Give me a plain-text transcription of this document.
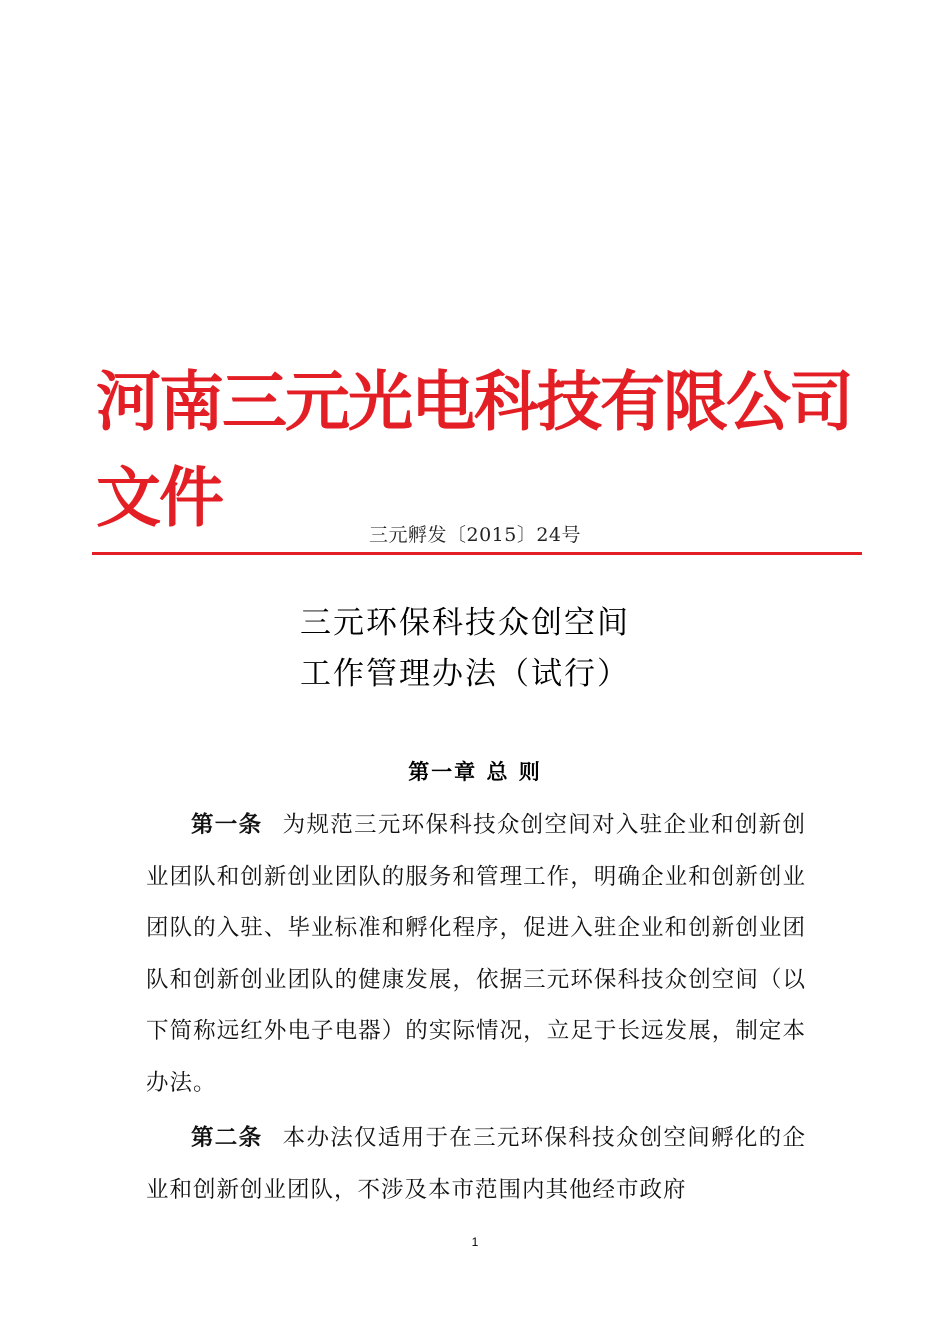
河南三元光电科技有限公司文件	三元孵发〔2015〕24号
三元环保科技众创空间
工作管理办法（试行）
第一章 总 则

第一条 为规范三元环保科技众创空间对入驻企业和创新创业团队和创新创业团队的服务和管理工作，明确企业和创新创业团队的入驻、毕业标准和孵化程序，促进入驻企业和创新创业团队和创新创业团队的健康发展，依据三元环保科技众创空间（以下简称远红外电子电器）的实际情况，立足于长远发展，制定本办法。

第二条 本办法仅适用于在三元环保科技众创空间孵化的企业和创新创业团队，不涉及本市范围内其他经市政府

1
